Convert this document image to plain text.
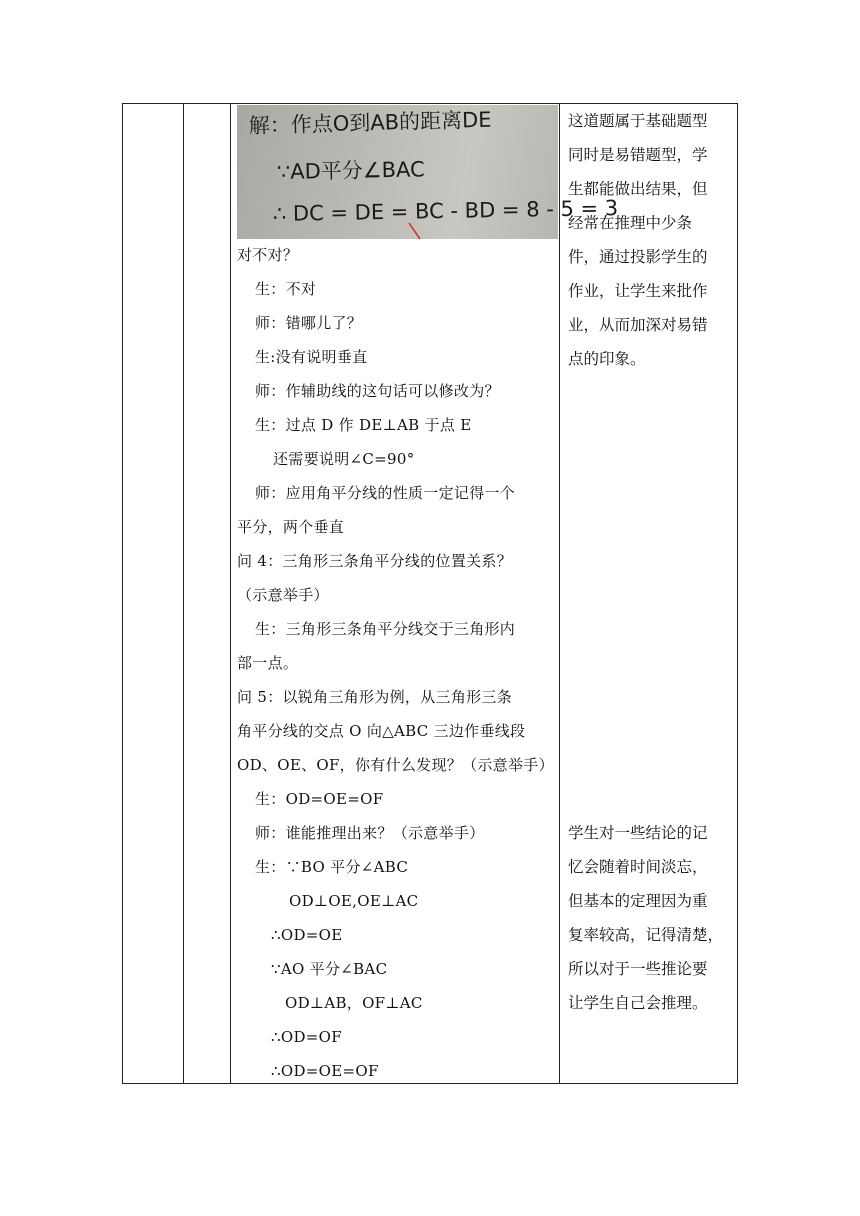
解：作点O到AB的距离DE
∵AD平分∠BAC
∴ DC = DE = BC - BD = 8 - 5 = 3
对不对？
生：不对
师：错哪儿了？
生:没有说明垂直
师：作辅助线的这句话可以修改为？
生：过点 D 作 DE⊥AB 于点 E
还需要说明∠C=90°
师：应用角平分线的性质一定记得一个
平分，两个垂直
问 4：三角形三条角平分线的位置关系？
（示意举手）
生：三角形三条角平分线交于三角形内
部一点。
问 5：以锐角三角形为例，从三角形三条
角平分线的交点 O 向△ABC 三边作垂线段
OD、OE、OF，你有什么发现？（示意举手）
生：OD=OE=OF
师：谁能推理出来？（示意举手）
生：∵BO 平分∠ABC
OD⊥OE,OE⊥AC
∴OD=OE
∵AO 平分∠BAC
OD⊥AB，OF⊥AC
∴OD=OF
∴OD=OE=OF
这道题属于基础题型
同时是易错题型，学
生都能做出结果，但
经常在推理中少条
件，通过投影学生的
作业，让学生来批作
业，从而加深对易错
点的印象。
学生对一些结论的记
忆会随着时间淡忘，
但基本的定理因为重
复率较高，记得清楚，
所以对于一些推论要
让学生自己会推理。
